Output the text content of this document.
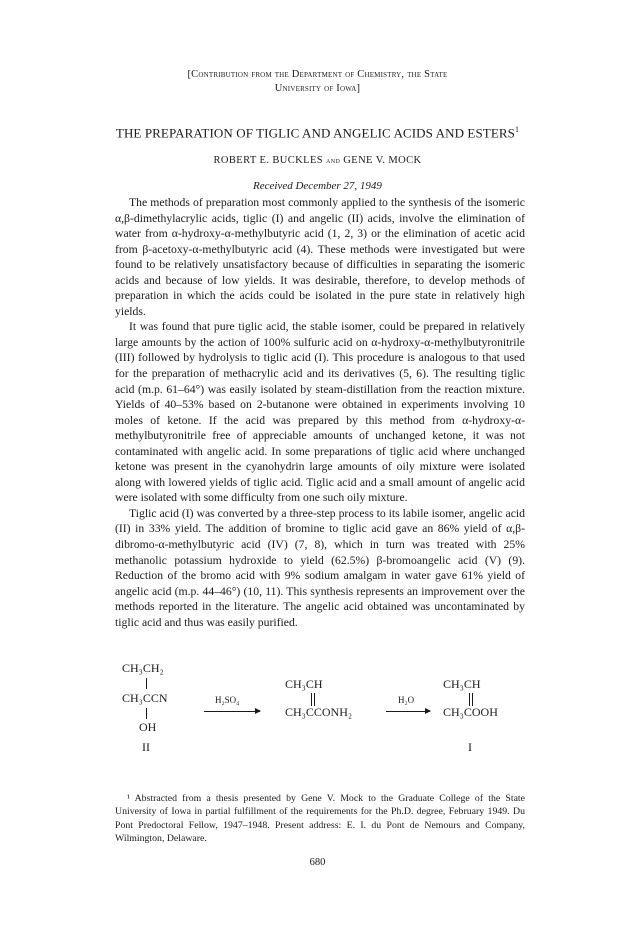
[Contribution from the Department of Chemistry, the State
University of Iowa]
THE PREPARATION OF TIGLIC AND ANGELIC ACIDS AND ESTERS$^1$
ROBERT E. BUCKLES and GENE V. MOCK
Received December 27, 1949

The methods of preparation most commonly applied to the synthesis of the isomeric α,β-dimethylacrylic acids, tiglic (I) and angelic (II) acids, involve the elimination of water from α-hydroxy-α-methylbutyric acid (1, 2, 3) or the elimination of acetic acid from β-acetoxy-α-methylbutyric acid (4). These methods were investigated but were found to be relatively unsatisfactory because of difficulties in separating the isomeric acids and because of low yields. It was desirable, therefore, to develop methods of preparation in which the acids could be isolated in the pure state in relatively high yields.

It was found that pure tiglic acid, the stable isomer, could be prepared in relatively large amounts by the action of 100% sulfuric acid on α-hydroxy-α-methylbutyronitrile (III) followed by hydrolysis to tiglic acid (I). This procedure is analogous to that used for the preparation of methacrylic acid and its derivatives (5, 6). The resulting tiglic acid (m.p. 61–64°) was easily isolated by steam-distillation from the reaction mixture. Yields of 40–53% based on 2-butanone were obtained in experiments involving 10 moles of ketone. If the acid was prepared by this method from α-hydroxy-α-methylbutyronitrile free of appreciable amounts of unchanged ketone, it was not contaminated with angelic acid. In some preparations of tiglic acid where unchanged ketone was present in the cyanohydrin large amounts of oily mixture were isolated along with lowered yields of tiglic acid. Tiglic acid and a small amount of angelic acid were isolated with some difficulty from one such oily mixture.

Tiglic acid (I) was converted by a three-step process to its labile isomer, angelic acid (II) in 33% yield. The addition of bromine to tiglic acid gave an 86% yield of α,β-dibromo-α-methylbutyric acid (IV) (7, 8), which in turn was treated with 25% methanolic potassium hydroxide to yield (62.5%) β-bromoangelic acid (V) (9). Reduction of the bromo acid with 9% sodium amalgam in water gave 61% yield of angelic acid (m.p. 44–46°) (10, 11). This synthesis represents an improvement over the methods reported in the literature. The angelic acid obtained was uncontaminated by tiglic acid and thus was easily purified.

CH₃CH₂
CH₃CCN
OH
II
H₂SO₄
CH₃CH
CH₃CCONH₂
H₂O
CH₃CH
CH₃COOH
I

¹ Abstracted from a thesis presented by Gene V. Mock to the Graduate College of the State University of Iowa in partial fulfillment of the requirements for the Ph.D. degree, February 1949. Du Pont Predoctoral Fellow, 1947–1948. Present address: E. I. du Pont de Nemours and Company, Wilmington, Delaware.

680
